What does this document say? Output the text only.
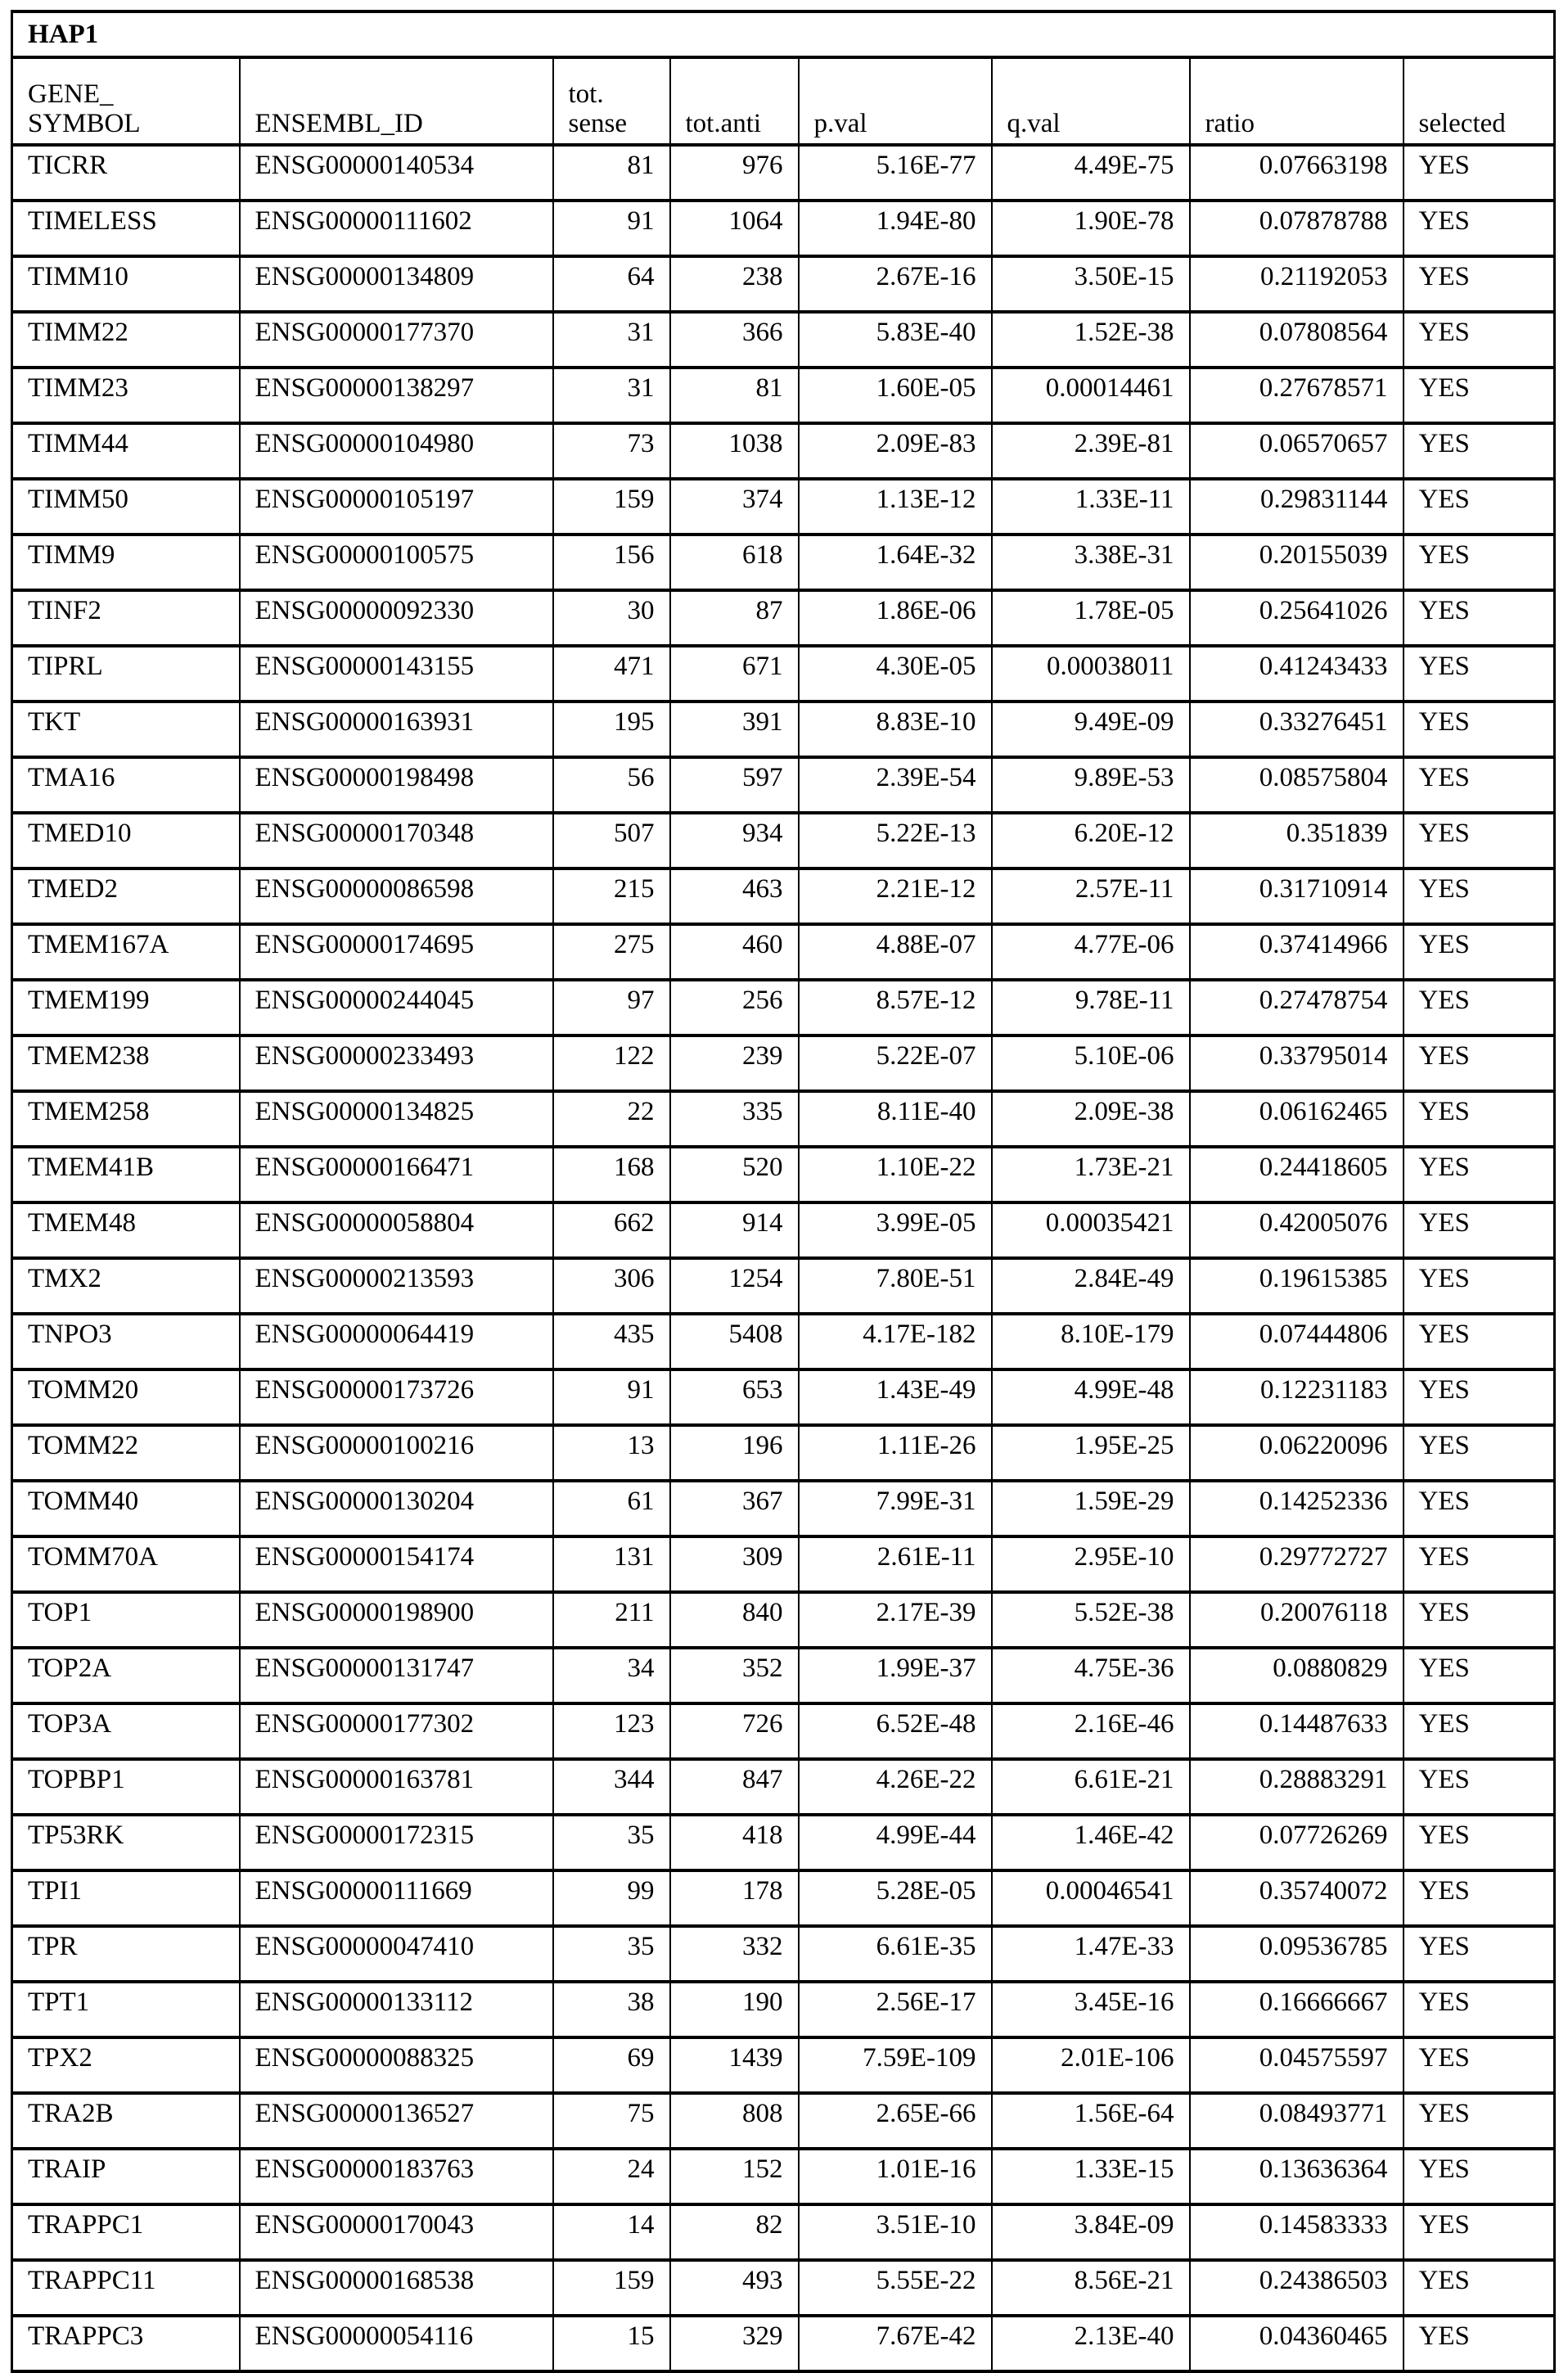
HAP1							
GENE_ SYMBOL	ENSEMBL_ID	tot. sense	tot.anti	p.val	q.val	ratio	selected
TICRR	ENSG00000140534	81	976	5.16E-77	4.49E-75	0.07663198	YES
TIMELESS	ENSG00000111602	91	1064	1.94E-80	1.90E-78	0.07878788	YES
TIMM10	ENSG00000134809	64	238	2.67E-16	3.50E-15	0.21192053	YES
TIMM22	ENSG00000177370	31	366	5.83E-40	1.52E-38	0.07808564	YES
TIMM23	ENSG00000138297	31	81	1.60E-05	0.00014461	0.27678571	YES
TIMM44	ENSG00000104980	73	1038	2.09E-83	2.39E-81	0.06570657	YES
TIMM50	ENSG00000105197	159	374	1.13E-12	1.33E-11	0.29831144	YES
TIMM9	ENSG00000100575	156	618	1.64E-32	3.38E-31	0.20155039	YES
TINF2	ENSG00000092330	30	87	1.86E-06	1.78E-05	0.25641026	YES
TIPRL	ENSG00000143155	471	671	4.30E-05	0.00038011	0.41243433	YES
TKT	ENSG00000163931	195	391	8.83E-10	9.49E-09	0.33276451	YES
TMA16	ENSG00000198498	56	597	2.39E-54	9.89E-53	0.08575804	YES
TMED10	ENSG00000170348	507	934	5.22E-13	6.20E-12	0.351839	YES
TMED2	ENSG00000086598	215	463	2.21E-12	2.57E-11	0.31710914	YES
TMEM167A	ENSG00000174695	275	460	4.88E-07	4.77E-06	0.37414966	YES
TMEM199	ENSG00000244045	97	256	8.57E-12	9.78E-11	0.27478754	YES
TMEM238	ENSG00000233493	122	239	5.22E-07	5.10E-06	0.33795014	YES
TMEM258	ENSG00000134825	22	335	8.11E-40	2.09E-38	0.06162465	YES
TMEM41B	ENSG00000166471	168	520	1.10E-22	1.73E-21	0.24418605	YES
TMEM48	ENSG00000058804	662	914	3.99E-05	0.00035421	0.42005076	YES
TMX2	ENSG00000213593	306	1254	7.80E-51	2.84E-49	0.19615385	YES
TNPO3	ENSG00000064419	435	5408	4.17E-182	8.10E-179	0.07444806	YES
TOMM20	ENSG00000173726	91	653	1.43E-49	4.99E-48	0.12231183	YES
TOMM22	ENSG00000100216	13	196	1.11E-26	1.95E-25	0.06220096	YES
TOMM40	ENSG00000130204	61	367	7.99E-31	1.59E-29	0.14252336	YES
TOMM70A	ENSG00000154174	131	309	2.61E-11	2.95E-10	0.29772727	YES
TOP1	ENSG00000198900	211	840	2.17E-39	5.52E-38	0.20076118	YES
TOP2A	ENSG00000131747	34	352	1.99E-37	4.75E-36	0.0880829	YES
TOP3A	ENSG00000177302	123	726	6.52E-48	2.16E-46	0.14487633	YES
TOPBP1	ENSG00000163781	344	847	4.26E-22	6.61E-21	0.28883291	YES
TP53RK	ENSG00000172315	35	418	4.99E-44	1.46E-42	0.07726269	YES
TPI1	ENSG00000111669	99	178	5.28E-05	0.00046541	0.35740072	YES
TPR	ENSG00000047410	35	332	6.61E-35	1.47E-33	0.09536785	YES
TPT1	ENSG00000133112	38	190	2.56E-17	3.45E-16	0.16666667	YES
TPX2	ENSG00000088325	69	1439	7.59E-109	2.01E-106	0.04575597	YES
TRA2B	ENSG00000136527	75	808	2.65E-66	1.56E-64	0.08493771	YES
TRAIP	ENSG00000183763	24	152	1.01E-16	1.33E-15	0.13636364	YES
TRAPPC1	ENSG00000170043	14	82	3.51E-10	3.84E-09	0.14583333	YES
TRAPPC11	ENSG00000168538	159	493	5.55E-22	8.56E-21	0.24386503	YES
TRAPPC3	ENSG00000054116	15	329	7.67E-42	2.13E-40	0.04360465	YES
